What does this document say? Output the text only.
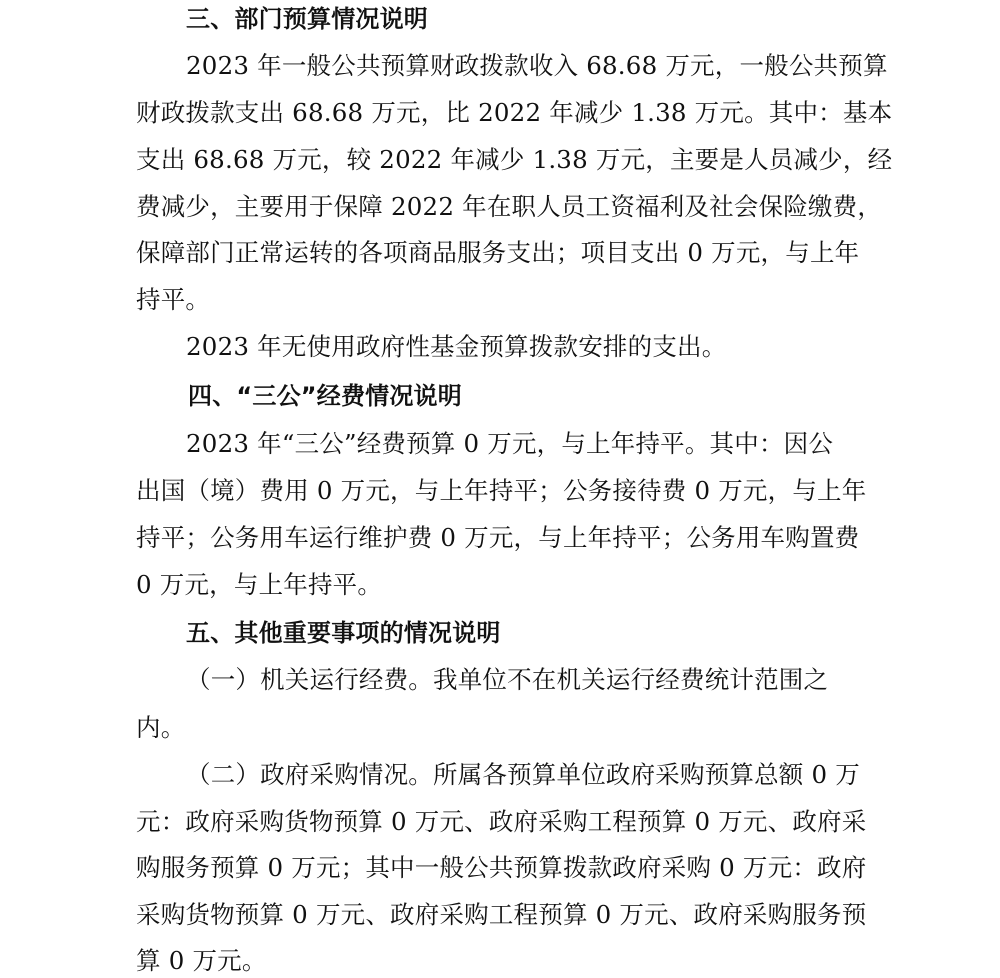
三、部门预算情况说明
2023 年一般公共预算财政拨款收入 68.68 万元，一般公共预算
财政拨款支出 68.68 万元，比 2022 年减少 1.38 万元。其中：基本
支出 68.68 万元，较 2022 年减少 1.38 万元，主要是人员减少，经
费减少，主要用于保障 2022 年在职人员工资福利及社会保险缴费，
保障部门正常运转的各项商品服务支出；项目支出 0 万元，与上年
持平。
2023 年无使用政府性基金预算拨款安排的支出。
四、“三公”经费情况说明
2023 年“三公”经费预算 0 万元，与上年持平。其中：因公
出国（境）费用 0 万元，与上年持平；公务接待费 0 万元，与上年
持平；公务用车运行维护费 0 万元，与上年持平；公务用车购置费
0 万元，与上年持平。
五、其他重要事项的情况说明
（一）机关运行经费。我单位不在机关运行经费统计范围之
内。
（二）政府采购情况。所属各预算单位政府采购预算总额 0 万
元：政府采购货物预算 0 万元、政府采购工程预算 0 万元、政府采
购服务预算 0 万元；其中一般公共预算拨款政府采购 0 万元：政府
采购货物预算 0 万元、政府采购工程预算 0 万元、政府采购服务预
算 0 万元。
